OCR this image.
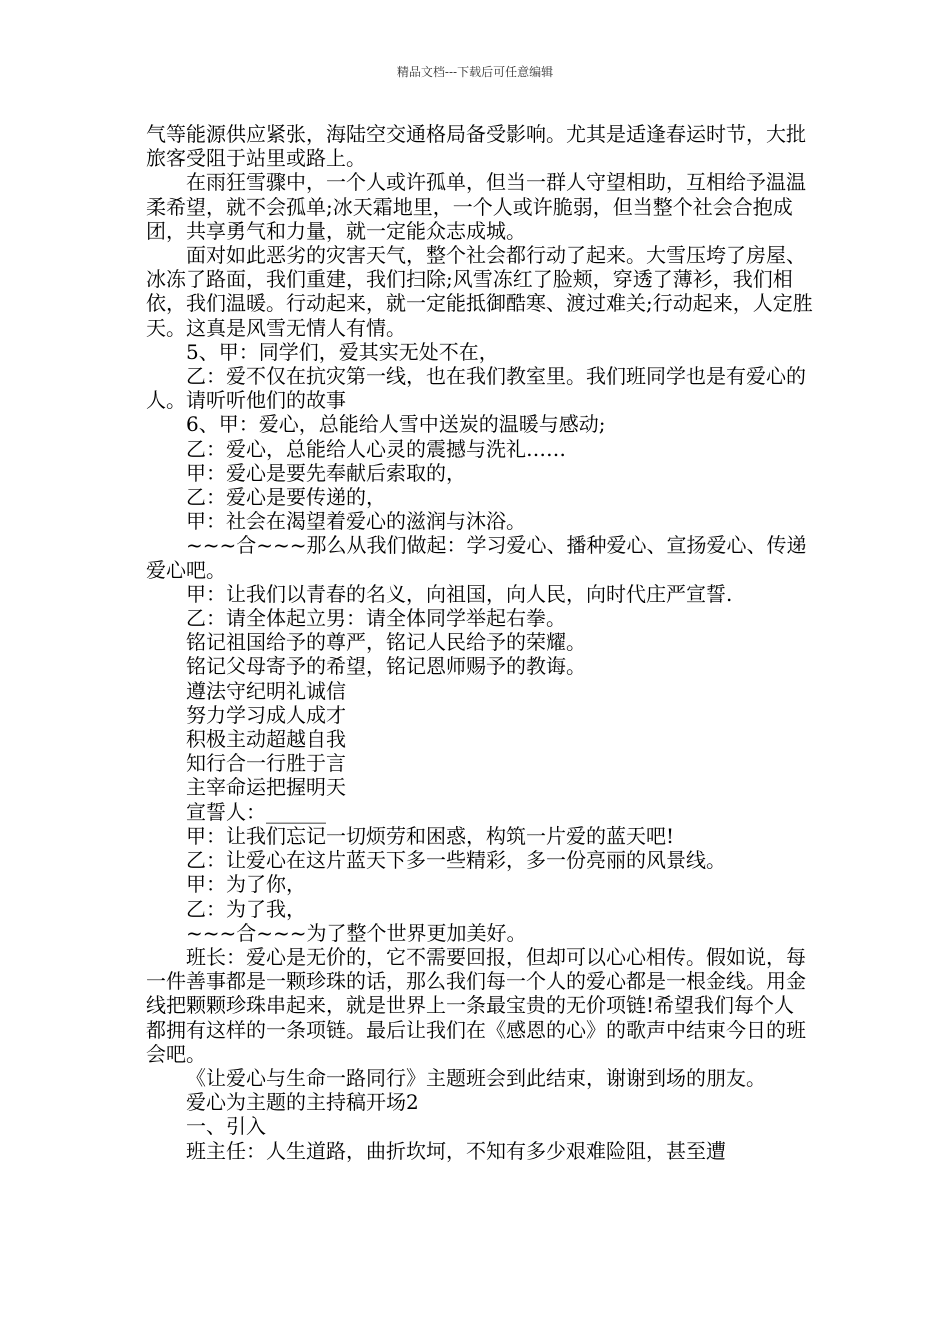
精品文档---下载后可任意编辑

气等能源供应紧张，海陆空交通格局备受影响。尤其是适逢春运时节，大批旅客受阻于站里或路上。

在雨狂雪骤中，一个人或许孤单，但当一群人守望相助，互相给予温温柔希望，就不会孤单;冰天霜地里，一个人或许脆弱，但当整个社会合抱成团，共享勇气和力量，就一定能众志成城。

面对如此恶劣的灾害天气，整个社会都行动了起来。大雪压垮了房屋、冰冻了路面，我们重建，我们扫除;风雪冻红了脸颊，穿透了薄衫，我们相依，我们温暖。行动起来，就一定能抵御酷寒、渡过难关;行动起来，人定胜天。这真是风雪无情人有情。

5、甲：同学们，爱其实无处不在，

乙：爱不仅在抗灾第一线，也在我们教室里。我们班同学也是有爱心的人。请听听他们的故事

6、甲：爱心，总能给人雪中送炭的温暖与感动;

乙：爱心，总能给人心灵的震撼与洗礼……

甲：爱心是要先奉献后索取的，

乙：爱心是要传递的，

甲：社会在渴望着爱心的滋润与沐浴。

~~~合~~~那么从我们做起：学习爱心、播种爱心、宣扬爱心、传递爱心吧。

甲：让我们以青春的名义，向祖国，向人民，向时代庄严宣誓.

乙：请全体起立男：请全体同学举起右拳。

铭记祖国给予的尊严，铭记人民给予的荣耀。

铭记父母寄予的希望，铭记恩师赐予的教诲。

遵法守纪明礼诚信

努力学习成人成才

积极主动超越自我

知行合一行胜于言

主宰命运把握明天

宣誓人：______

甲：让我们忘记一切烦劳和困惑，构筑一片爱的蓝天吧!

乙：让爱心在这片蓝天下多一些精彩，多一份亮丽的风景线。

甲：为了你，

乙：为了我，

~~~合~~~为了整个世界更加美好。

班长：爱心是无价的，它不需要回报，但却可以心心相传。假如说，每一件善事都是一颗珍珠的话，那么我们每一个人的爱心都是一根金线。用金线把颗颗珍珠串起来，就是世界上一条最宝贵的无价项链!希望我们每个人都拥有这样的一条项链。最后让我们在《感恩的心》的歌声中结束今日的班会吧。

《让爱心与生命一路同行》主题班会到此结束，谢谢到场的朋友。

爱心为主题的主持稿开场2

一、引入

班主任：人生道路，曲折坎坷，不知有多少艰难险阻，甚至遭
